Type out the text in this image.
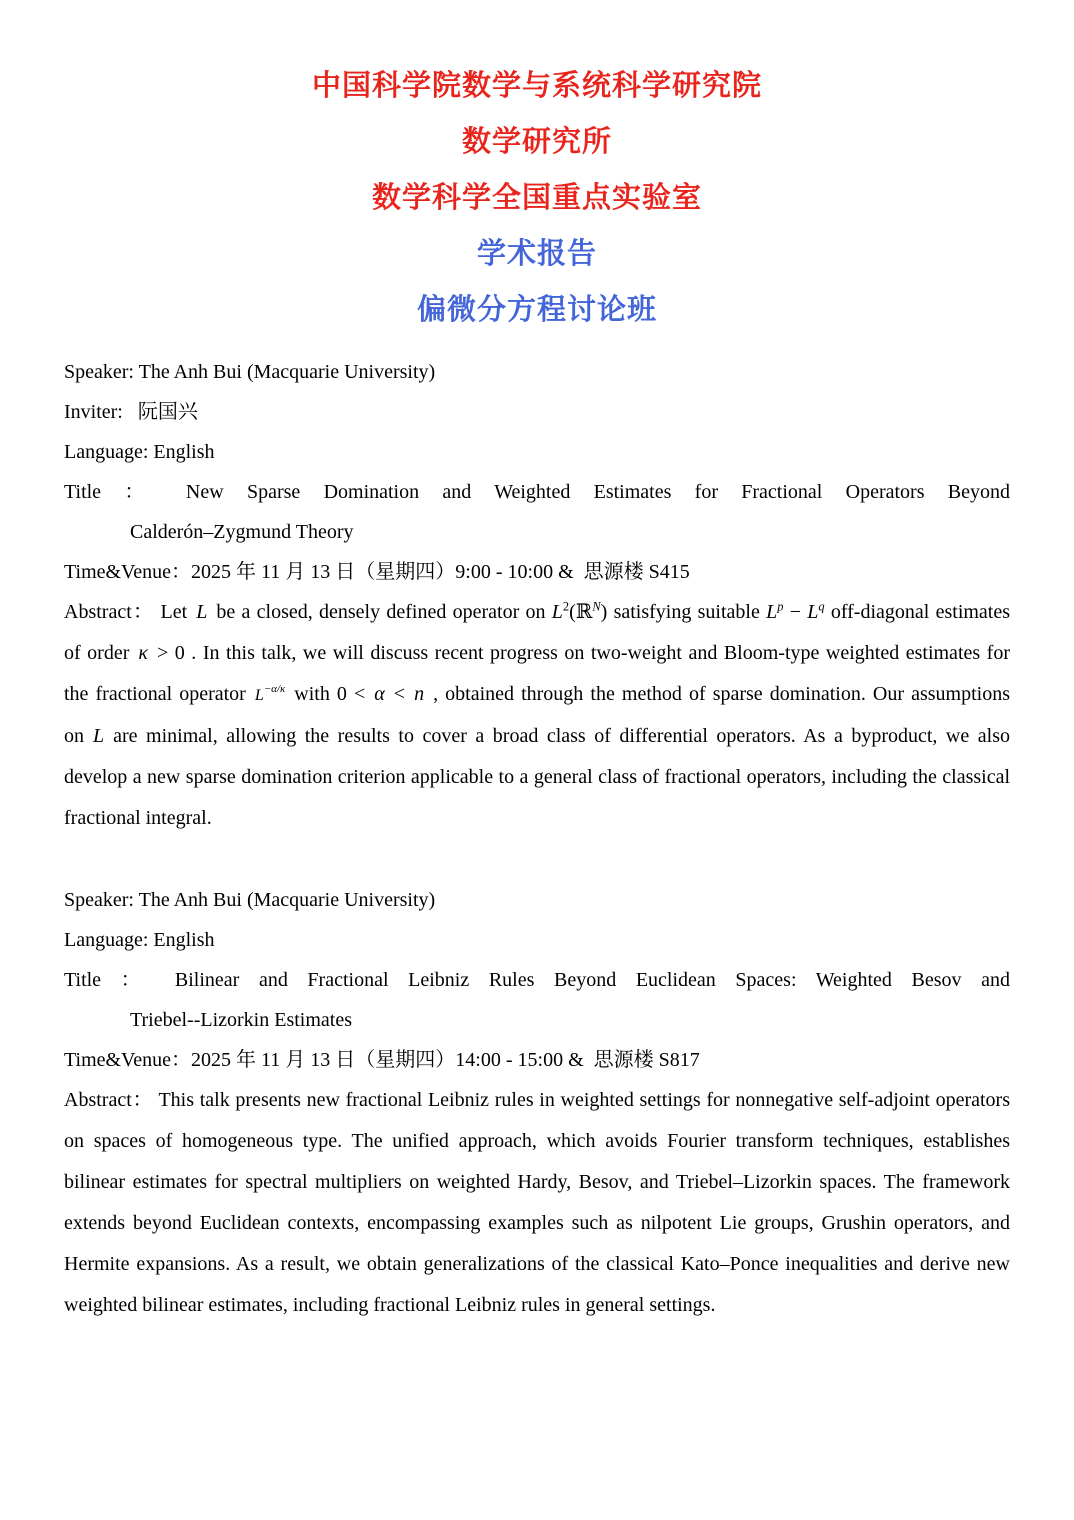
中国科学院数学与系统科学研究院
数学研究所
数学科学全国重点实验室
学术报告
偏微分方程讨论班

Speaker: The Anh Bui (Macquarie University)

Inviter:   阮国兴

Language: English

Title ： New Sparse Domination and Weighted Estimates for Fractional Operators Beyond

Calderón–Zygmund Theory

Time&Venue：2025 年 11 月 13 日（星期四）9:00 - 10:00 &  思源楼 S415

Abstract： Let L be a closed, densely defined operator on $L^2(ℝ^N)$ satisfying suitable $L^p - L^q$ off-diagonal estimates of order κ > 0 . In this talk, we will discuss recent progress on two-weight and Bloom-type weighted estimates for the fractional operator $L^{-\alpha/\kappa}$ with 0 < α < n , obtained through the method of sparse domination. Our assumptions on L are minimal, allowing the results to cover a broad class of differential operators. As a byproduct, we also develop a new sparse domination criterion applicable to a general class of fractional operators, including the classical fractional integral.

Speaker: The Anh Bui (Macquarie University)

Language: English

Title ： Bilinear and Fractional Leibniz Rules Beyond Euclidean Spaces: Weighted Besov and

Triebel--Lizorkin Estimates

Time&Venue：2025 年 11 月 13 日（星期四）14:00 - 15:00 &  思源楼 S817

Abstract： This talk presents new fractional Leibniz rules in weighted settings for nonnegative self-adjoint operators on spaces of homogeneous type. The unified approach, which avoids Fourier transform techniques, establishes bilinear estimates for spectral multipliers on weighted Hardy, Besov, and Triebel–Lizorkin spaces. The framework extends beyond Euclidean contexts, encompassing examples such as nilpotent Lie groups, Grushin operators, and Hermite expansions. As a result, we obtain generalizations of the classical Kato–Ponce inequalities and derive new weighted bilinear estimates, including fractional Leibniz rules in general settings.
